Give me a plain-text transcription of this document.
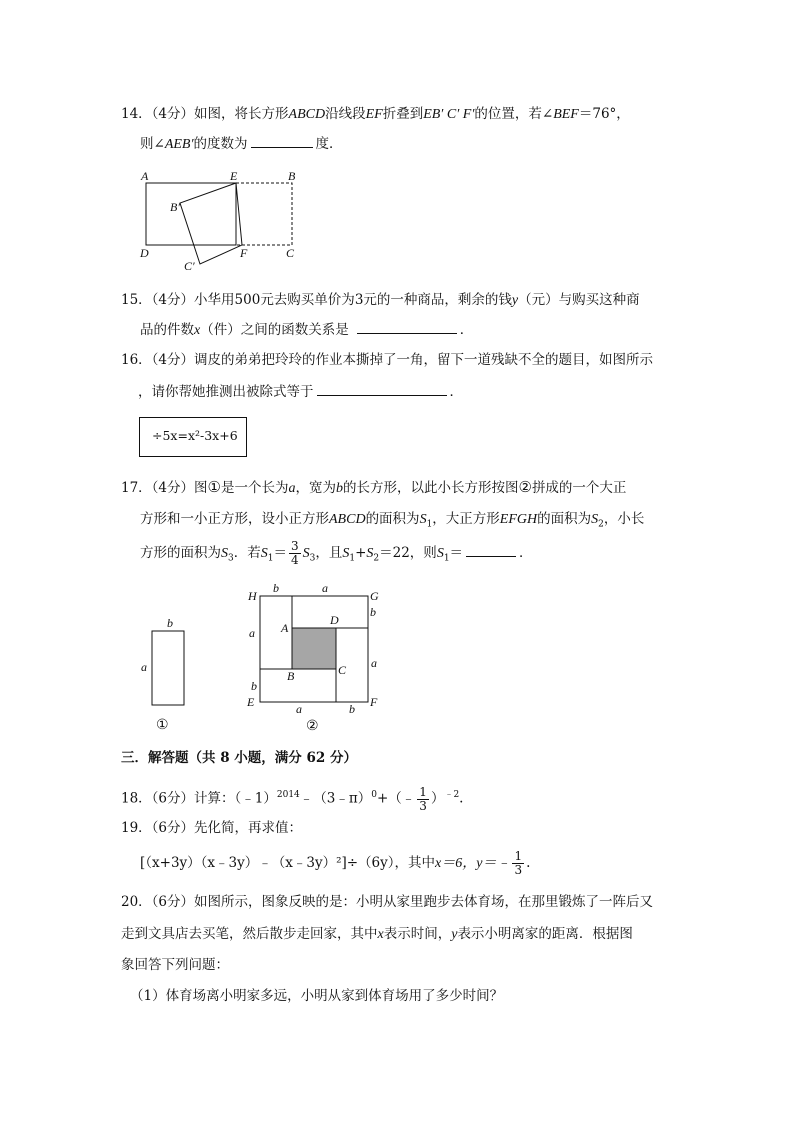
14．（4分）如图，将长方形ABCD沿线段EF折叠到EB′ C′ F′的位置，若∠BEF＝76°，
则∠AEB′的度数为	度．
A	E	B
B′
D
C′
F	C
15．（4分）小华用500元去购买单价为3元的一种商品，剩余的钱y（元）与购买这种商
品的件数x（件）之间的函数关系是	．
16．（4分）调皮的弟弟把玲玲的作业本撕掉了一角，留下一道残缺不全的题目，如图所示
，请你帮她推测出被除式等于	．
÷5x=x²-3x+6
17．（4分）图①是一个长为a，宽为b的长方形，以此小长方形按图②拼成的一个大正
方形和一小正方形，设小正方形ABCD的面积为$S_1$，大正方形EFGH的面积为$S_2$，小长
方形的面积为$S_3$．若$S_1= \frac{3}{4} S_3$，且$S_1+S_2=22$，则$S_1=$	．
b
a
①
b	a
H	G
b
A
D
a
a
C
B
b
E	F
a	b
②
三．解答题（共 8 小题，满分 62 分）
18．（6分）计算：（﹣1）$^{2014}$﹣（3﹣π）$^0$+（﹣ $\frac{1}{3} )^{﹣2}$.
19．（6分）先化简，再求值：
[（x+3y）（x﹣3y）﹣（x﹣3y）²]÷（6y），其中x＝6，y＝﹣ $\frac{1}{3}$ .
20．（6分）如图所示，图象反映的是：小明从家里跑步去体育场，在那里锻炼了一阵后又
走到文具店去买笔，然后散步走回家，其中x表示时间，y表示小明离家的距离．根据图
象回答下列问题：
（1）体育场离小明家多远，小明从家到体育场用了多少时间？
